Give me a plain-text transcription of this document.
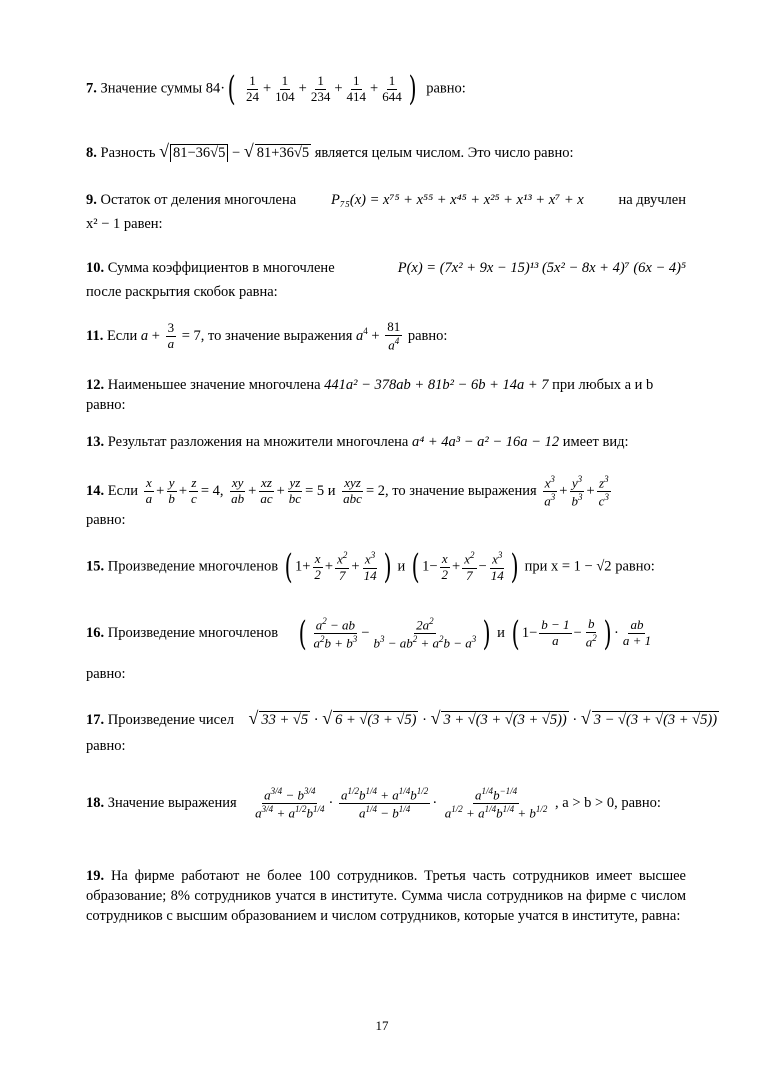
7. Значение суммы $84\cdot( \frac{1}{24} + \frac{1}{104} + \frac{1}{234} + \frac{1}{414} + \frac{1}{644}$ ) равно:
8. Разность √ 81−36√5 − √ 81+36√5 является целым числом. Это число равно:
9. Остаток от деления многочлена P₇₅(x) = x⁷⁵ + x⁵⁵ + x⁴⁵ + x²⁵ + x¹³ + x⁷ + x на двучлен
x² − 1 равен:
10. Сумма коэффициентов в многочлене	P(x) = (7x² + 9x − 15)¹³ (5x² − 8x + 4)⁷ (6x − 4)⁵
после раскрытия скобок равна:
11. Если $a + \frac{3}{a} = 7$, то значение выражения $a^4 + \frac{81}{a^4}$ равно:
12. Наименьшее значение многочлена 441a² − 378ab + 81b² − 6b + 14a + 7 при любых a и b
равно:
13. Результат разложения на множители многочлена a⁴ + 4a³ − a² − 16a − 12 имеет вид:
14. Если $\frac{x}{a} + \frac{y}{b} + \frac{z}{c} = 4$, $\frac{xy}{ab} + \frac{xz}{ac} + \frac{yz}{bc} = 5$ и
xyz
abc = 2, то значение выражения $\frac{x^3}{a^3} + \frac{y^3}{b^3} + \frac{z^3}{c^3}$
равно:
15. Произведение многочленов ( $1+ \frac{x}{2} + \frac{x^2}{7} + \frac{x^3}{14}$ ) и ( $1- \frac{x}{2} + \frac{x^2}{7} - \frac{x^3}{14}$ ) при x = 1 − √2 равно:
16. Произведение многочленов ( $\frac{a^2 - ab}{a^2b + b^3} - \frac{2a^2}{b^3 - ab^2 + a^2b - a^3}$ ) и ( $1- \frac{b - 1}{a} - \frac{b}{a^2}$ ) · $\frac{ab}{a + 1}$
равно:
17. Произведение чисел √ 33 + √5 · √ 6 + √(3 + √5) · √ 3 + √(3 + √(3 + √5)) · √ 3 − √(3 + √(3 + √5))
равно:
18. Значение выражения $\frac{a^{3/4} - b^{3/4}}{a^{3/4} + a^{1/2}b^{1/4}} \cdot \frac{a^{1/2}b^{1/4} + a^{1/4}b^{1/2}}{a^{1/4} - b^{1/4}} \cdot \frac{a^{1/4}b^{-1/4}}{a^{1/2} + a^{1/4}b^{1/4} + b^{1/2}}$ , a > b > 0, равно:
19. На фирме работают не более 100 сотрудников. Третья часть сотрудников имеет высшее образование; 8% сотрудников учатся в институте. Сумма числа сотрудников на фирме с числом сотрудников с высшим образованием и числом сотрудников, которые учатся в институте, равна:
17
